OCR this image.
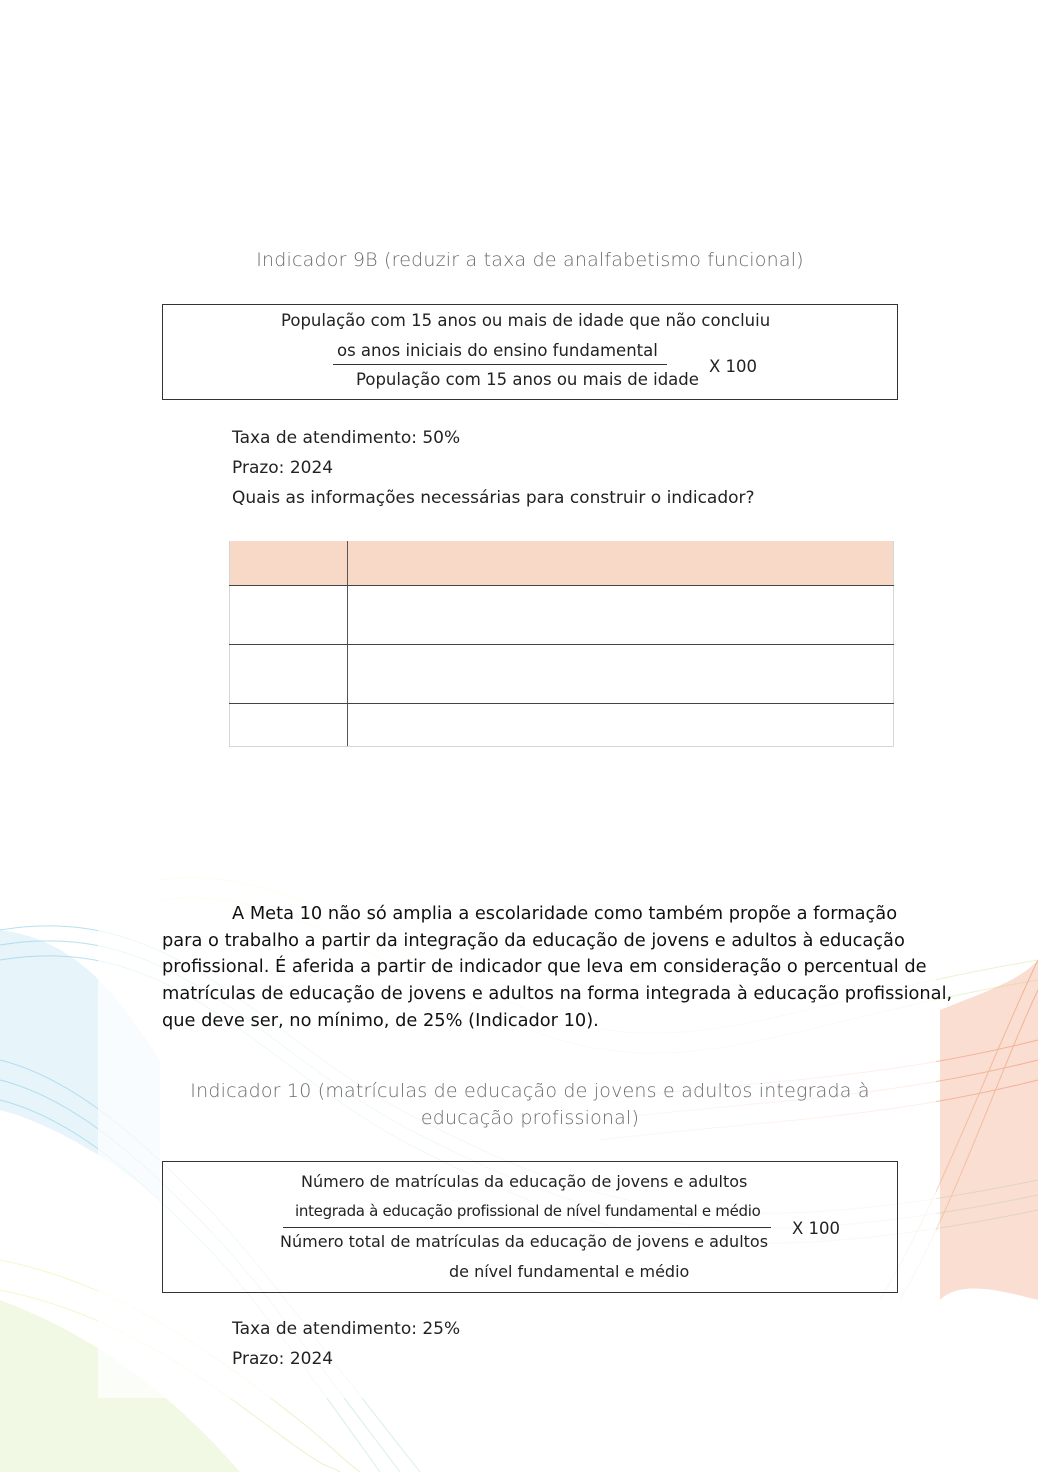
Indicador 9B (reduzir a taxa de analfabetismo funcional)
População com 15 anos ou mais de idade que não concluiu
os anos iniciais do ensino fundamental
População com 15 anos ou mais de idade
X 100
Taxa de atendimento: 50%
Prazo: 2024
Quais as informações necessárias para construir o indicador?

A Meta 10 não só amplia a escolaridade como também propõe a formação
para o trabalho a partir da integração da educação de jovens e adultos à educação
profissional. É aferida a partir de indicador que leva em consideração o percentual de
matrículas de educação de jovens e adultos na forma integrada à educação profissional,
que deve ser, no mínimo, de 25% (Indicador 10).
Indicador 10 (matrículas de educação de jovens e adultos integrada à
educação profissional)
Número de matrículas da educação de jovens e adultos
integrada à educação profissional de nível fundamental e médio
Número total de matrículas da educação de jovens e adultos
de nível fundamental e médio
X 100
Taxa de atendimento: 25%
Prazo: 2024
